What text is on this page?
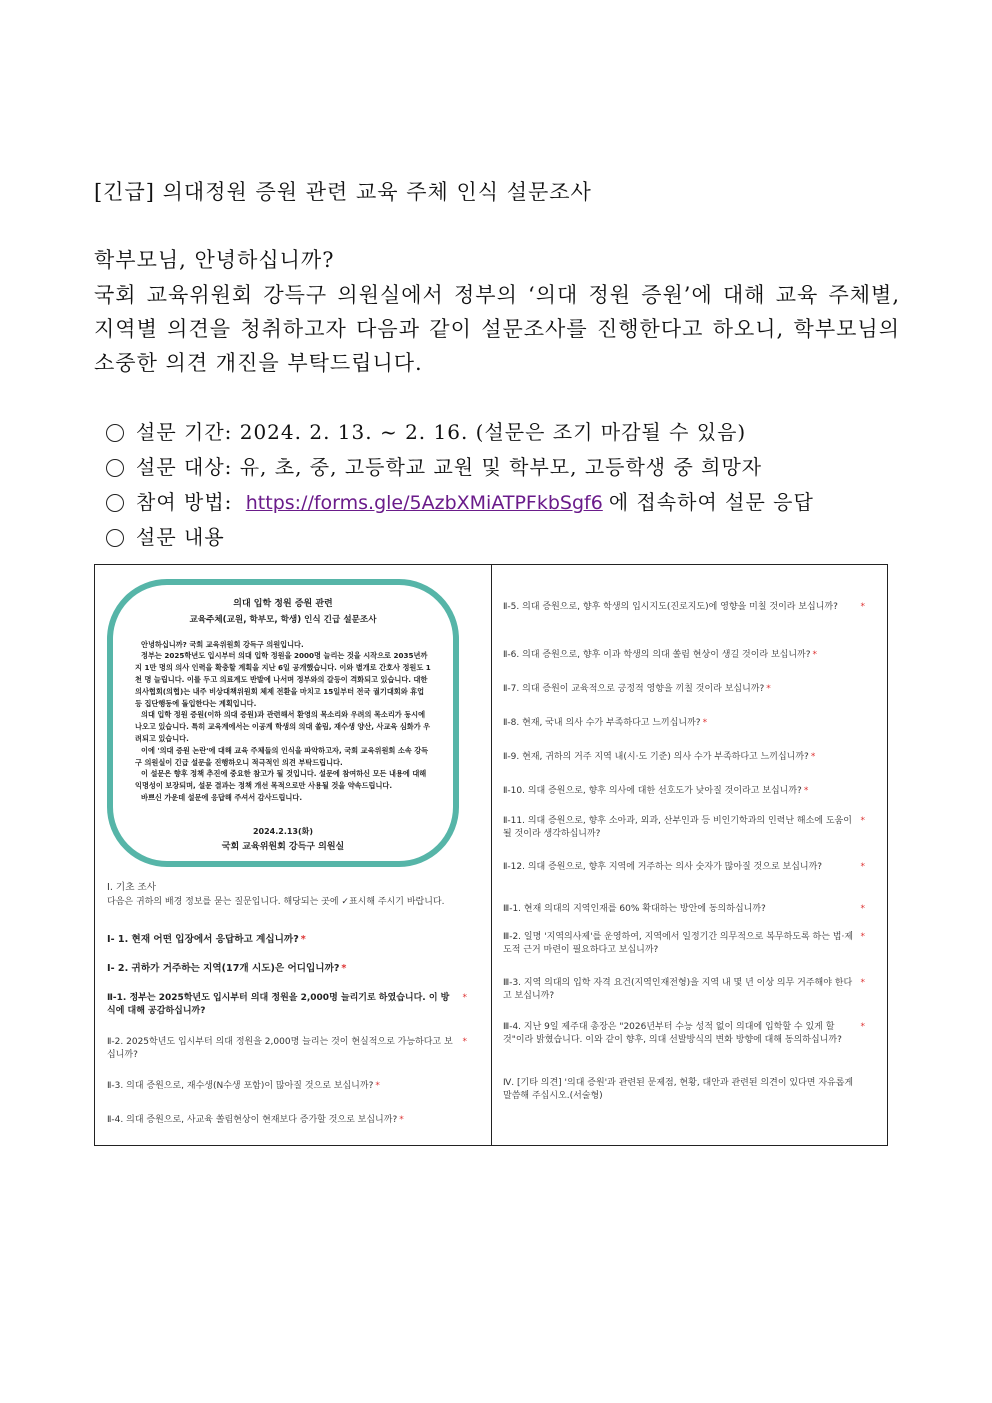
[긴급] 의대정원 증원 관련 교육 주체 인식 설문조사
학부모님, 안녕하십니까?
국회 교육위원회 강득구 의원실에서 정부의 ‘의대 정원 증원’에 대해 교육 주체별, 지역별 의견을 청취하고자 다음과 같이 설문조사를 진행한다고 하오니, 학부모님의 소중한 의견 개진을 부탁드립니다.
설문 기간: 2024. 2. 13. ~ 2. 16. (설문은 조기 마감될 수 있음)
설문 대상: 유, 초, 중, 고등학교 교원 및 학부모, 고등학생 중 희망자
참여 방법: https://forms.gle/5AzbXMiATPFkbSgf6 에 접속하여 설문 응답
설문 내용
의대 입학 정원 증원 관련
교육주체(교원, 학부모, 학생) 인식 긴급 설문조사

안녕하십니까? 국회 교육위원회 강득구 의원입니다.

정부는 2025학년도 입시부터 의대 입학 정원을 2000명 늘리는 것을 시작으로 2035년까지 1만 명의 의사 인력을 확충할 계획을 지난 6일 공개했습니다. 이와 별개로 간호사 정원도 1천 명 늘립니다. 이를 두고 의료계도 반발에 나서며 정부와의 갈등이 격화되고 있습니다. 대한의사협회(의협)는 내주 비상대책위원회 체제 전환을 마치고 15일부터 전국 궐기대회와 휴업 등 집단행동에 돌입한다는 계획입니다.

의대 입학 정원 증원(이하 의대 증원)과 관련해서 환영의 목소리와 우려의 목소리가 동시에 나오고 있습니다. 특히 교육계에서는 이공계 학생의 의대 쏠림, 재수생 양산, 사교육 심화가 우려되고 있습니다.

이에 '의대 증원 논란'에 대해 교육 주체들의 인식을 파악하고자, 국회 교육위원회 소속 강득구 의원실이 긴급 설문을 진행하오니 적극적인 의견 부탁드립니다.

이 설문은 향후 정책 추진에 중요한 참고가 될 것입니다. 설문에 참여하신 모든 내용에 대해 익명성이 보장되며, 설문 결과는 정책 개선 목적으로만 사용될 것을 약속드립니다.

바쁘신 가운데 설문에 응답해 주셔서 감사드립니다.

2024.2.13(화)
국회 교육위원회 강득구 의원실
Ⅰ. 기초 조사
다음은 귀하의 배경 정보를 묻는 질문입니다. 해당되는 곳에 ✓표시해 주시기 바랍니다.
Ⅰ- 1. 현재 어떤 입장에서 응답하고 계십니까? *
Ⅰ- 2. 귀하가 거주하는 지역(17개 시도)은 어디입니까? *
Ⅱ-1. 정부는 2025학년도 입시부터 의대 정원을 2,000명 늘리기로 하였습니다. 이 방식에 대해 공감하십니까?
*
Ⅱ-2. 2025학년도 입시부터 의대 정원을 2,000명 늘리는 것이 현실적으로 가능하다고 보십니까?
*
Ⅱ-3. 의대 증원으로, 재수생(N수생 포함)이 많아질 것으로 보십니까? *
Ⅱ-4. 의대 증원으로, 사교육 쏠림현상이 현재보다 증가할 것으로 보십니까? *
Ⅱ-5. 의대 증원으로, 향후 학생의 입시지도(진로지도)에 영향을 미칠 것이라 보십니까?	*
Ⅱ-6. 의대 증원으로, 향후 이과 학생의 의대 쏠림 현상이 생길 것이라 보십니까? *
Ⅱ-7. 의대 증원이 교육적으로 긍정적 영향을 끼칠 것이라 보십니까? *
Ⅱ-8. 현재, 국내 의사 수가 부족하다고 느끼십니까? *
Ⅱ-9. 현재, 귀하의 거주 지역 내(시·도 기준) 의사 수가 부족하다고 느끼십니까? *
Ⅱ-10. 의대 증원으로, 향후 의사에 대한 선호도가 낮아질 것이라고 보십니까? *
Ⅱ-11. 의대 증원으로, 향후 소아과, 외과, 산부인과 등 비인기학과의 인력난 해소에 도움이 될 것이라 생각하십니까?
*
Ⅱ-12. 의대 증원으로, 향후 지역에 거주하는 의사 숫자가 많아질 것으로 보십니까?	*
Ⅲ-1. 현재 의대의 지역인재를 60% 확대하는 방안에 동의하십니까?	*
Ⅲ-2. 일명 '지역의사제'를 운영하여, 지역에서 일정기간 의무적으로 복무하도록 하는 법·제도적 근거 마련이 필요하다고 보십니까?
*
Ⅲ-3. 지역 의대의 입학 자격 요건(지역인재전형)을 지역 내 몇 년 이상 의무 거주해야 한다고 보십니까?
*
Ⅲ-4. 지난 9일 제주대 총장은 "2026년부터 수능 성적 없이 의대에 입학할 수 있게 할 것"이라 밝혔습니다. 이와 같이 향후, 의대 선발방식의 변화 방향에 대해 동의하십니까?
*
Ⅳ. [기타 의견] '의대 증원'과 관련된 문제점, 현황, 대안과 관련된 의견이 있다면 자유롭게 말씀해 주십시오.(서술형)
